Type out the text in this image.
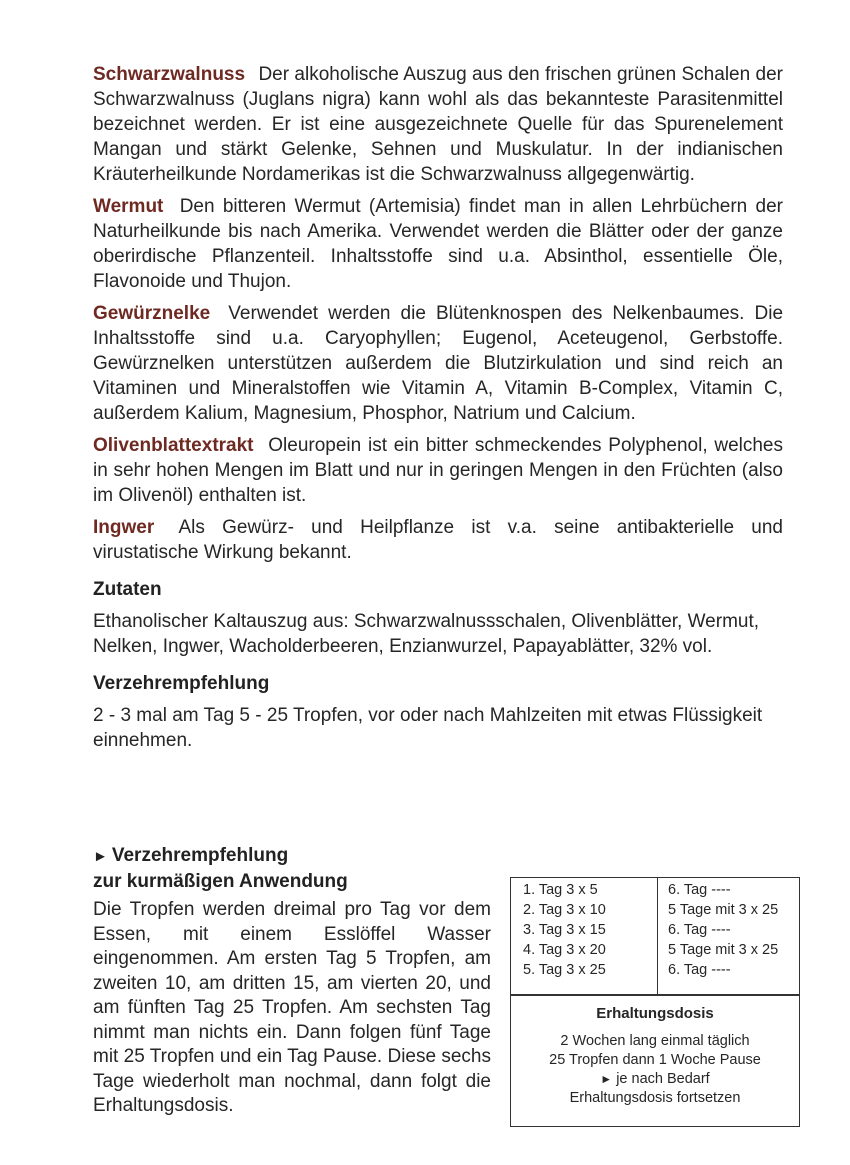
Schwarzwalnuss Der alkoholische Auszug aus den frischen grünen Schalen der Schwarzwalnuss (Juglans nigra) kann wohl als das bekannteste Parasitenmittel bezeichnet werden. Er ist eine ausgezeichnete Quelle für das Spurenelement Mangan und stärkt Gelenke, Sehnen und Muskulatur. In der indianischen Kräuterheilkunde Nordamerikas ist die Schwarzwalnuss allgegenwärtig.

Wermut Den bitteren Wermut (Artemisia) findet man in allen Lehrbüchern der Naturheilkunde bis nach Amerika. Verwendet werden die Blätter oder der ganze oberirdische Pflanzenteil. Inhaltsstoffe sind u.a. Absinthol, essentielle Öle, Flavonoide und Thujon.

Gewürznelke Verwendet werden die Blütenknospen des Nelkenbaumes. Die Inhaltsstoffe sind u.a. Caryophyllen; Eugenol, Aceteugenol, Gerbstoffe. Gewürznelken unterstützen außerdem die Blutzirkulation und sind reich an Vitaminen und Mineralstoffen wie Vitamin A, Vitamin B-Complex, Vitamin C, außerdem Kalium, Magnesium, Phosphor, Natrium und Calcium.

Olivenblattextrakt Oleuropein ist ein bitter schmeckendes Polyphenol, welches in sehr hohen Mengen im Blatt und nur in geringen Mengen in den Früchten (also im Olivenöl) enthalten ist.

Ingwer Als Gewürz- und Heilpflanze ist v.a. seine antibakterielle und virustatische Wirkung bekannt.

Zutaten

Ethanolischer Kaltauszug aus: Schwarzwalnussschalen, Olivenblätter, Wermut, Nelken, Ingwer, Wacholderbeeren, Enzianwurzel, Papayablätter, 32% vol.

Verzehrempfehlung

2 - 3 mal am Tag 5 - 25 Tropfen, vor oder nach Mahlzeiten mit etwas Flüssigkeit einnehmen.

► Verzehrempfehlung
zur kurmäßigen Anwendung

Die Tropfen werden dreimal pro Tag vor dem Essen, mit einem Esslöffel Wasser eingenommen. Am ersten Tag 5 Tropfen, am zweiten 10, am dritten 15, am vierten 20, und am fünften Tag 25 Tropfen. Am sechsten Tag nimmt man nichts ein. Dann folgen fünf Tage mit 25 Tropfen und ein Tag Pause. Diese sechs Tage wiederholt man nochmal, dann folgt die Erhaltungsdosis.

1. Tag 3 x 5
2. Tag 3 x 10
3. Tag 3 x 15
4. Tag 3 x 20
5. Tag 3 x 25
6. Tag ----
5 Tage mit 3 x 25
6. Tag ----
5 Tage mit 3 x 25
6. Tag ----
Erhaltungsdosis
2 Wochen lang einmal täglich
25 Tropfen dann 1 Woche Pause
► je nach Bedarf
Erhaltungsdosis fortsetzen
